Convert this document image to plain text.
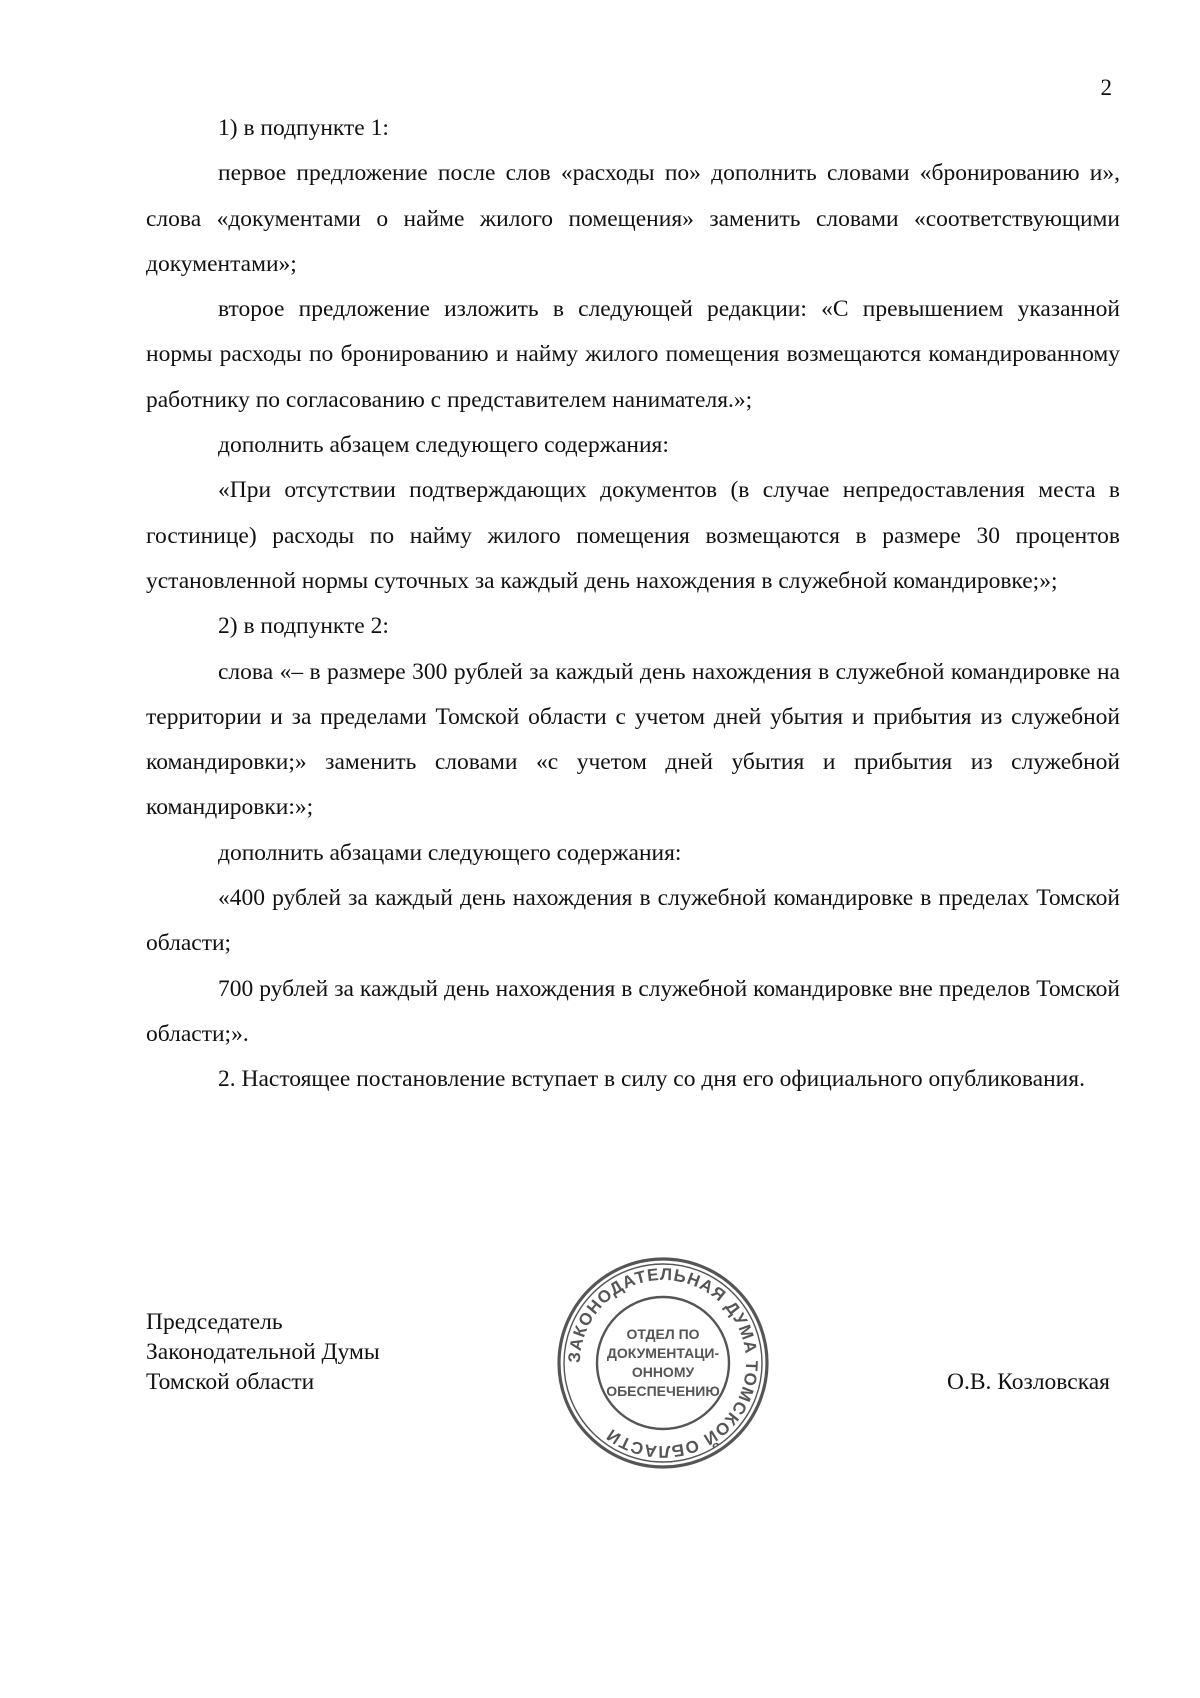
2

1) в подпункте 1:

первое предложение после слов «расходы по» дополнить словами «бронированию и», слова «документами о найме жилого помещения» заменить словами «соответствующими документами»;

второе предложение изложить в следующей редакции: «С превышением указанной нормы расходы по бронированию и найму жилого помещения возмещаются командированному работнику по согласованию с представителем нанимателя.»;

дополнить абзацем следующего содержания:

«При отсутствии подтверждающих документов (в случае непредоставления места в гостинице) расходы по найму жилого помещения возмещаются в размере 30 процентов установленной нормы суточных за каждый день нахождения в служебной командировке;»;

2) в подпункте 2:

слова «– в размере 300 рублей за каждый день нахождения в служебной командировке на территории и за пределами Томской области с учетом дней убытия и прибытия из служебной командировки;» заменить словами «с учетом дней убытия и прибытия из служебной командировки:»;

дополнить абзацами следующего содержания:

«400 рублей за каждый день нахождения в служебной командировке в пределах Томской области;

700 рублей за каждый день нахождения в служебной командировке вне пределов Томской области;».

2. Настоящее постановление вступает в силу со дня его официального опубликования.

Председатель
Законодательной Думы
Томской области
ЗАКОНОДАТЕЛЬНАЯ ДУМА ТОМСКОЙ ОБЛАСТИ
ОТДЕЛ ПО
ДОКУМЕНТАЦИ-
ОННОМУ
ОБЕСПЕЧЕНИЮ	О.В. Козловская
